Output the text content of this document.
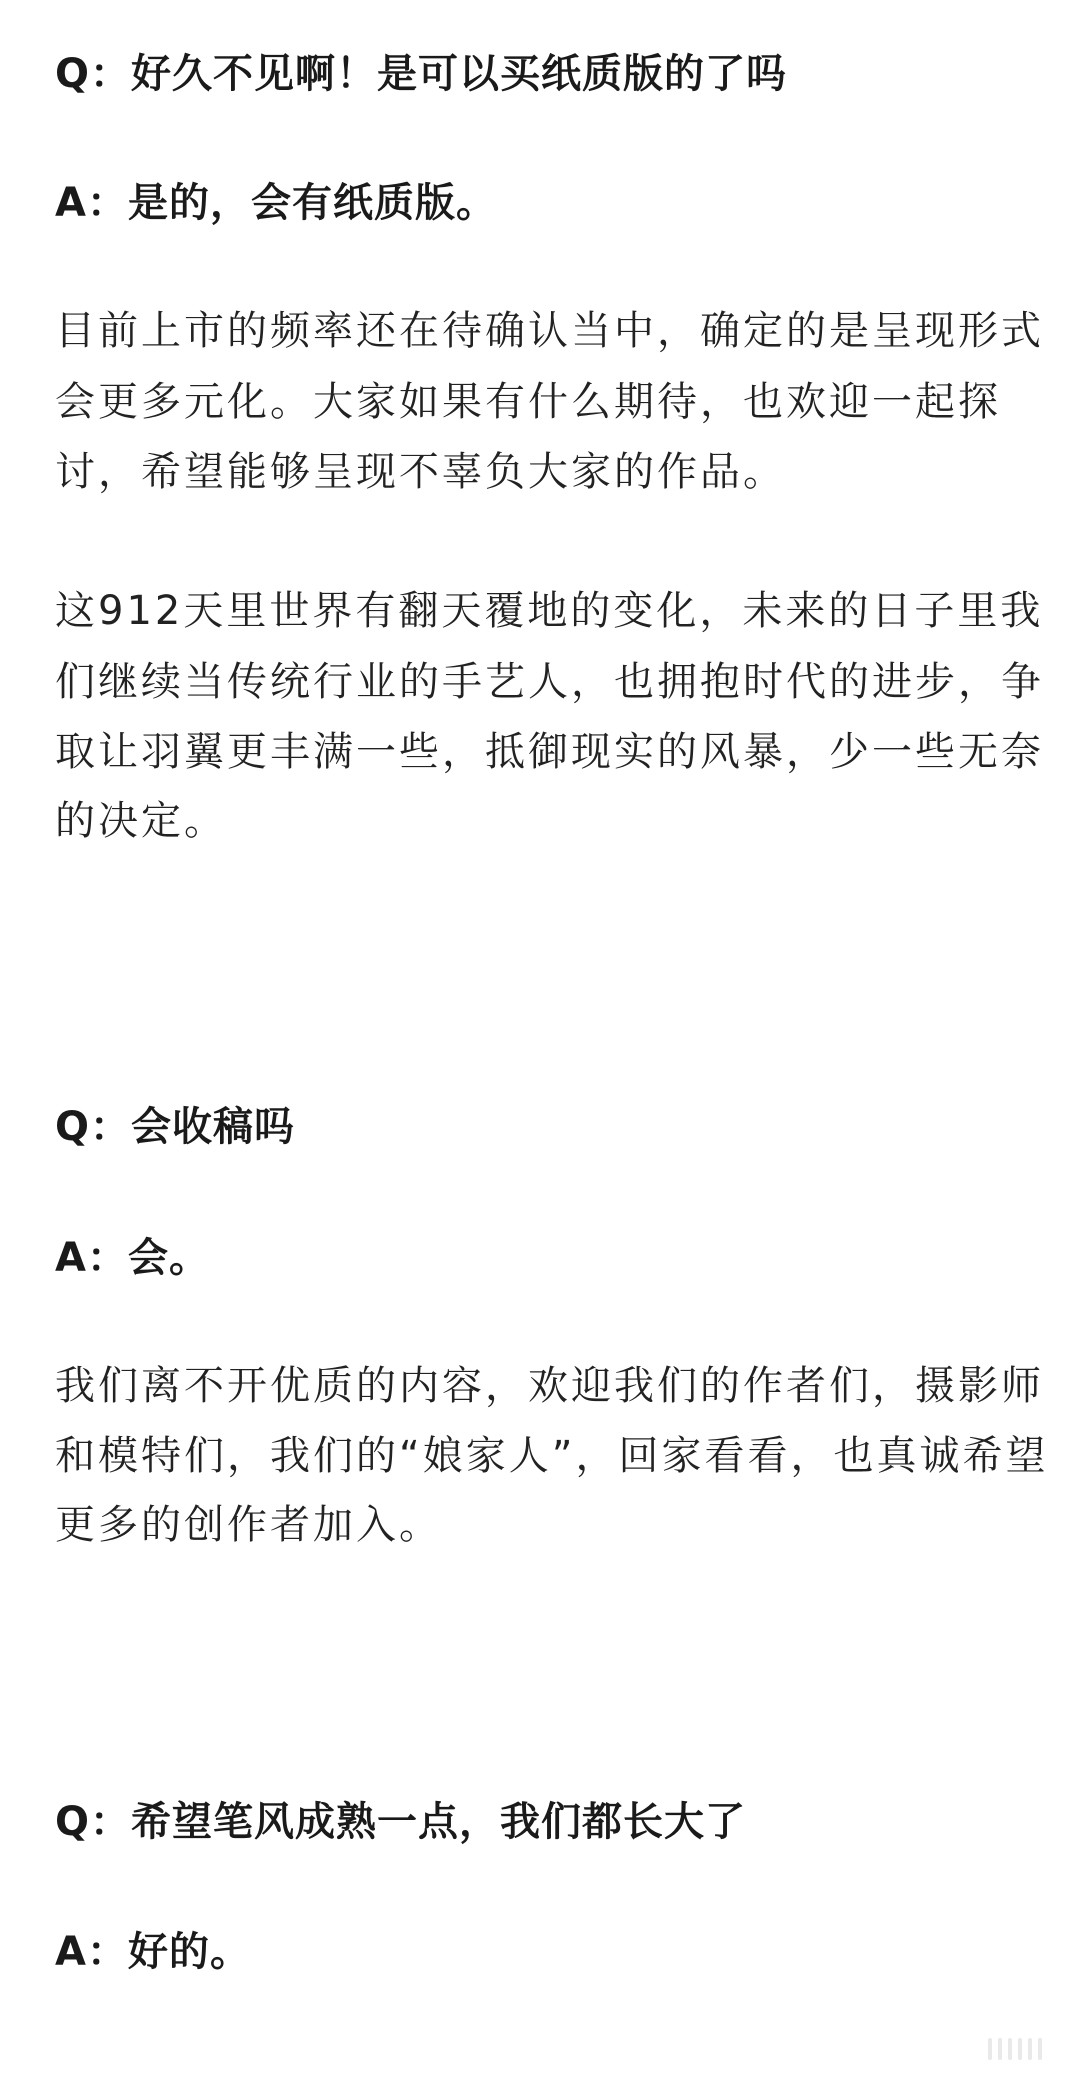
Q：好久不见啊！是可以买纸质版的了吗
A：是的，会有纸质版。
目前上市的频率还在待确认当中，确定的是呈现形式
会更多元化。大家如果有什么期待，也欢迎一起探
讨，希望能够呈现不辜负大家的作品。
这912天里世界有翻天覆地的变化，未来的日子里我
们继续当传统行业的手艺人，也拥抱时代的进步，争
取让羽翼更丰满一些，抵御现实的风暴，少一些无奈
的决定。
Q：会收稿吗
A：会。
我们离不开优质的内容，欢迎我们的作者们，摄影师
和模特们，我们的“娘家人”，回家看看，也真诚希望
更多的创作者加入。
Q：希望笔风成熟一点，我们都长大了
A：好的。
